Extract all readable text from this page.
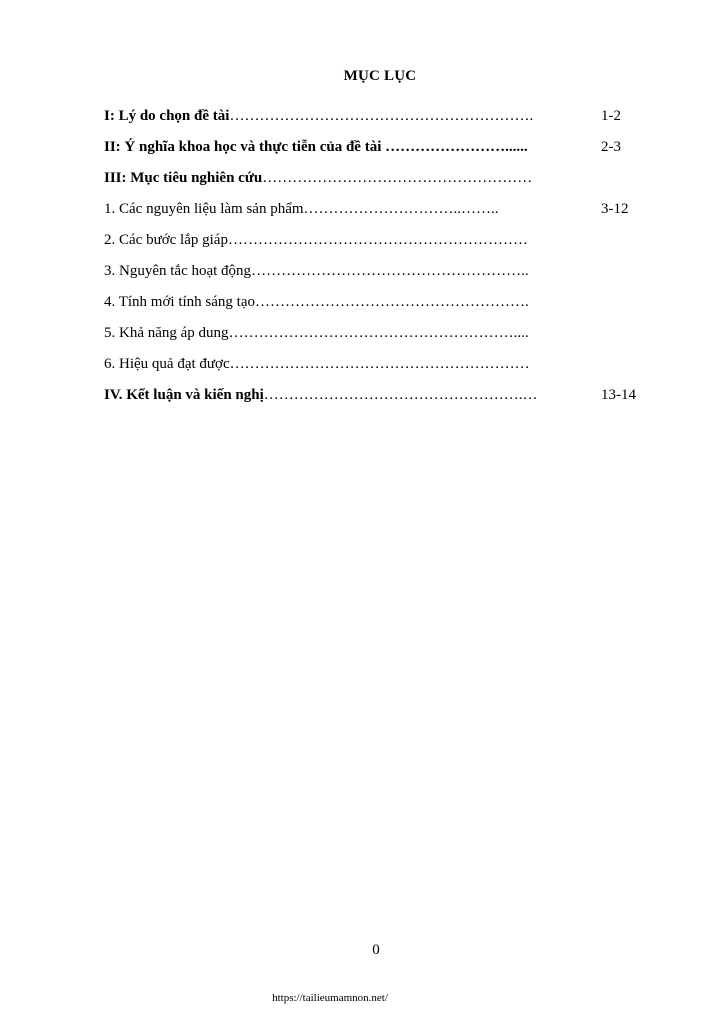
MỤC LỤC
I: Lý do chọn đề tài…………………………………………………….	1-2
II: Ý nghĩa khoa học và thực tiễn của đề tài ……………………......	2-3
III: Mục tiêu nghiên cứu………………………………………………
1. Các nguyên liệu làm sản phẩm…………………………..……..	3-12
2. Các bước lắp giáp……………………………………………………
3. Nguyên tắc hoạt động………………………………………………..
4. Tính mới tính sáng tạo……………………………………………….
5. Khả năng áp dung…………………………………………………....
6. Hiệu quả đạt được……………………………………………………
IV. Kết luận và kiến nghị…………………………………………….…	13-14
0
https://tailieumamnon.net/
